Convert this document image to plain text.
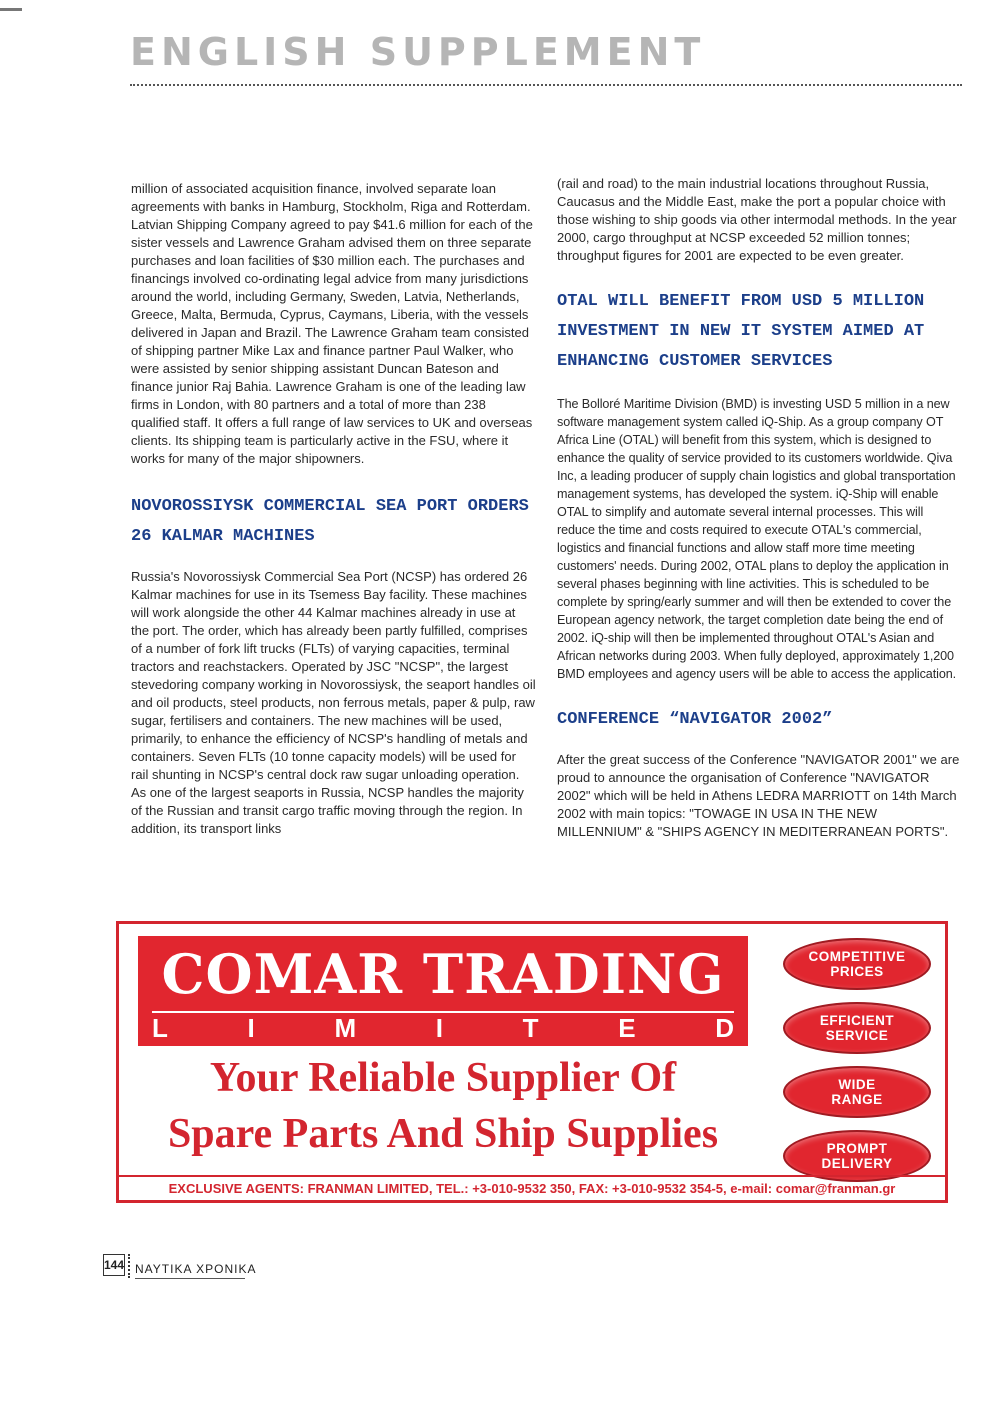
ENGLISH SUPPLEMENT

million of associated acquisition finance, involved separate loan agreements with banks in Hamburg, Stockholm, Riga and Rotterdam. Latvian Shipping Company agreed to pay $41.6 million for each of the sister vessels and Lawrence Graham advised them on three separate purchases and loan facilities of $30 million each. The purchases and financings involved co-ordinating legal advice from many jurisdictions around the world, including Germany, Sweden, Latvia, Netherlands, Greece, Malta, Bermuda, Cyprus, Caymans, Liberia, with the vessels delivered in Japan and Brazil. The Lawrence Graham team consisted of shipping partner Mike Lax and finance partner Paul Walker, who were assisted by senior shipping assistant Duncan Bateson and finance junior Raj Bahia. Lawrence Graham is one of the leading law firms in London, with 80 partners and a total of more than 238 qualified staff. It offers a full range of law services to UK and overseas clients. Its shipping team is particularly active in the FSU, where it works for many of the major shipowners.

NOVOROSSIYSK COMMERCIAL SEA PORT ORDERS 26 KALMAR MACHINES

Russia's Novorossiysk Commercial Sea Port (NCSP) has ordered 26 Kalmar machines for use in its Tsemess Bay facility. These machines will work alongside the other 44 Kalmar machines already in use at the port. The order, which has already been partly fulfilled, comprises of a number of fork lift trucks (FLTs) of varying capacities, terminal tractors and reachstackers. Operated by JSC "NCSP", the largest stevedoring company working in Novorossiysk, the seaport handles oil and oil products, steel products, non ferrous metals, paper & pulp, raw sugar, fertilisers and containers. The new machines will be used, primarily, to enhance the efficiency of NCSP's handling of metals and containers. Seven FLTs (10 tonne capacity models) will be used for rail shunting in NCSP's central dock raw sugar unloading operation. As one of the largest seaports in Russia, NCSP handles the majority of the Russian and transit cargo traffic moving through the region. In addition, its transport links

(rail and road) to the main industrial locations throughout Russia, Caucasus and the Middle East, make the port a popular choice with those wishing to ship goods via other intermodal methods. In the year 2000, cargo throughput at NCSP exceeded 52 million tonnes; throughput figures for 2001 are expected to be even greater.

OTAL WILL BENEFIT FROM USD 5 MILLION INVESTMENT IN NEW IT SYSTEM AIMED AT ENHANCING CUSTOMER SERVICES

The Bolloré Maritime Division (BMD) is investing USD 5 million in a new software management system called iQ-Ship. As a group company OT Africa Line (OTAL) will benefit from this system, which is designed to enhance the quality of service provided to its customers worldwide. Qiva Inc, a leading producer of supply chain logistics and global transportation management systems, has developed the system. iQ-Ship will enable OTAL to simplify and automate several internal processes. This will reduce the time and costs required to execute OTAL's commercial, logistics and financial functions and allow staff more time meeting customers' needs. During 2002, OTAL plans to deploy the application in several phases beginning with line activities. This is scheduled to be complete by spring/early summer and will then be extended to cover the European agency network, the target completion date being the end of 2002. iQ-ship will then be implemented throughout OTAL's Asian and African networks during 2003. When fully deployed, approximately 1,200 BMD employees and agency users will be able to access the application.

CONFERENCE “NAVIGATOR 2002”

After the great success of the Conference "NAVIGATOR 2001" we are proud to announce the organisation of Conference "NAVIGATOR 2002" which will be held in Athens LEDRA MARRIOTT on 14th March 2002 with main topics: "TOWAGE IN USA IN THE NEW MILLENNIUM" & "SHIPS AGENCY IN MEDITERRANEAN PORTS".

COMAR TRADING
L	I	M	I	T	E	D
Your Reliable Supplier Of
Spare Parts And Ship Supplies
COMPETITIVE
PRICES
EFFICIENT
SERVICE
WIDE
RANGE
PROMPT
DELIVERY
EXCLUSIVE AGENTS: FRANMAN LIMITED, TEL.: +3-010-9532 350, FAX: +3-010-9532 354-5, e-mail: comar@franman.gr
144 ΝΑΥΤΙΚΑ ΧΡΟΝΙΚΑ
